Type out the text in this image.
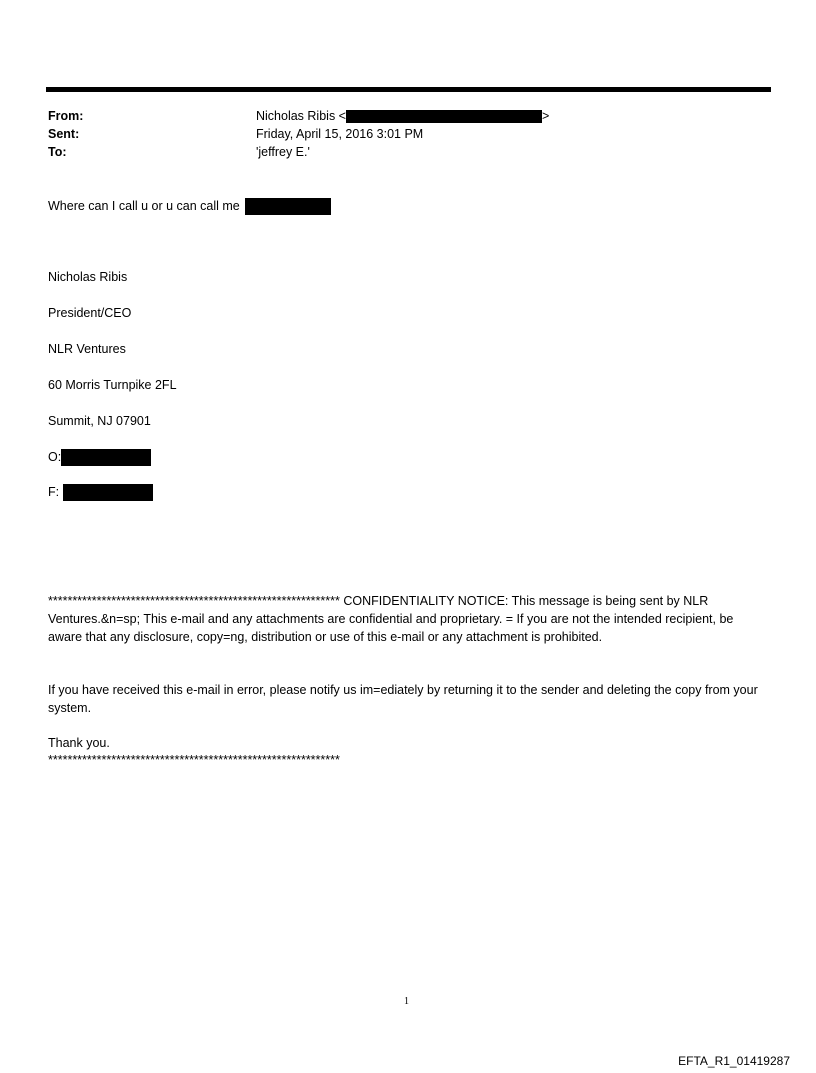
From:	Nicholas Ribis <	>
Sent:	Friday, April 15, 2016 3:01 PM
To:	'jeffrey E.'
Where can I call u or u can call me
Nicholas Ribis
President/CEO
NLR Ventures
60 Morris Turnpike 2FL
Summit, NJ 07901
O:
F:
************************************************************ CONFIDENTIALITY NOTICE: This message is being sent by NLR Ventures.&n=sp; This e-mail and any attachments are confidential and proprietary. = If you are not the intended recipient, be aware that any disclosure, copy=ng, distribution or use of this e-mail or any attachment is prohibited.
If you have received this e-mail in error, please notify us im=ediately by returning it to the sender and deleting the copy from your system.
Thank you.
************************************************************
1
EFTA_R1_01419287
